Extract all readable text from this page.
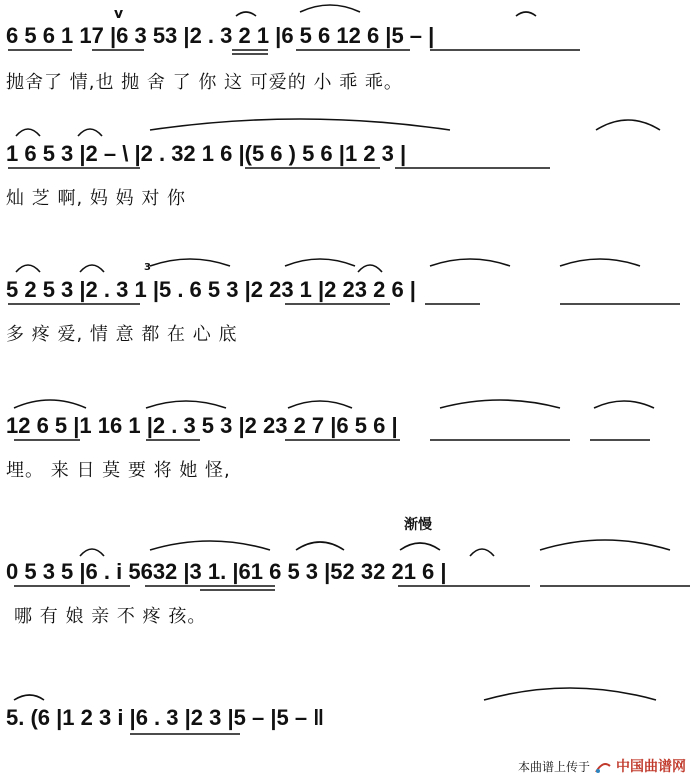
6 5 6 1 17 |6 3 53 |2 . 3 2 1 |6 5 6 12 6 |5 – |
抛舍了 情,也 抛 舍 了 你 这 可爱的 小 乖 乖。
1 6 5 3 |2 – \ |2 . 32 1 6 |(5 6 ) 5 6 |1 2 3 |
灿 芝 啊, 妈 妈 对 你
5 2 5 3 |2 . 3 1 |5 . 6 5 3 |2 23 1 |2 23 2 6 |
多 疼 爱, 情 意 都 在 心 底
12 6 5 |1 16 1 |2 . 3 5 3 |2 23 2 7 |6 5 6 |
埋。 来 日 莫 要 将 她 怪,
渐慢
v
3
0 5 3 5 |6 . i 5632 |3 1. |61 6 5 3 |52 32 21 6 |
哪 有 娘 亲 不 疼 孩。
5. (6 |1 2 3 i |6 . 3 |2 3 |5 – |5 – ‖
本曲谱上传于 中国曲谱网
